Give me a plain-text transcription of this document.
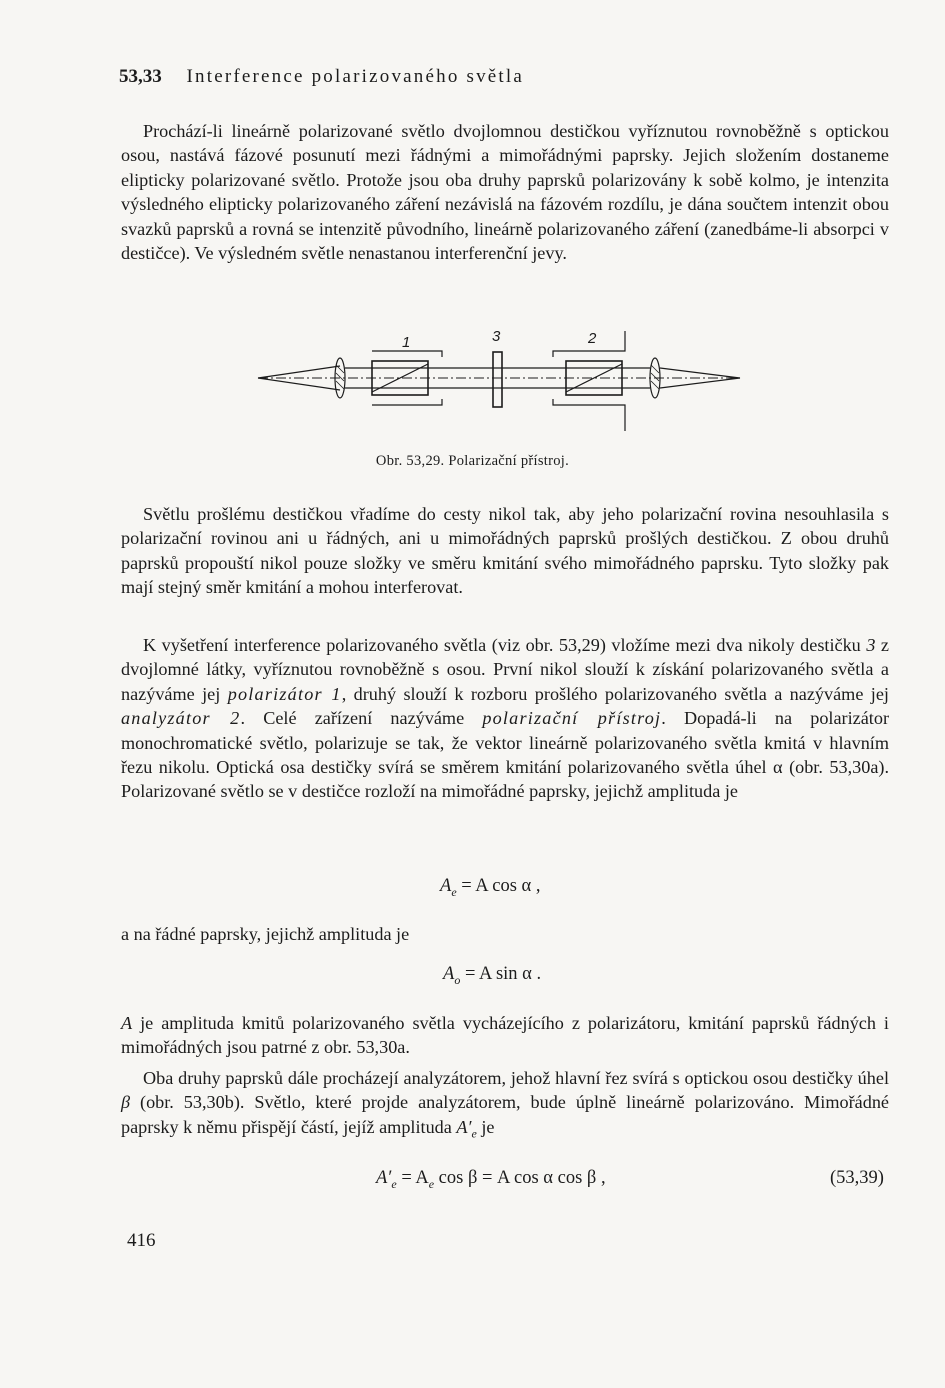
53,33 Interference polarizovaného světla
Prochází-li lineárně polarizované světlo dvojlomnou destičkou vyříznutou rovnoběžně s optickou osou, nastává fázové posunutí mezi řádnými a mimořádnými paprsky. Jejich složením dostaneme elipticky polarizované světlo. Protože jsou oba druhy paprsků polarizovány k sobě kolmo, je intenzita výsledného elipticky polarizovaného záření nezávislá na fázovém rozdílu, je dána součtem intenzit obou svazků paprsků a rovná se intenzitě původního, lineárně polarizovaného záření (zanedbáme-li absorpci v destičce). Ve výsledném světle nenastanou interferenční jevy.
1	3	2
Obr. 53,29. Polarizační přístroj.
Světlu prošlému destičkou vřadíme do cesty nikol tak, aby jeho polarizační rovina nesouhlasila s polarizační rovinou ani u řádných, ani u mimořádných paprsků prošlých destičkou. Z obou druhů paprsků propouští nikol pouze složky ve směru kmitání svého mimořádného paprsku. Tyto složky pak mají stejný směr kmitání a mohou interferovat.
K vyšetření interference polarizovaného světla (viz obr. 53,29) vložíme mezi dva nikoly destičku 3 z dvojlomné látky, vyříznutou rovnoběžně s osou. První nikol slouží k získání polarizovaného světla a nazýváme jej polarizátor 1, druhý slouží k rozboru prošlého polarizovaného světla a nazýváme jej analyzátor 2. Celé zařízení nazýváme polarizační přístroj. Dopadá-li na polarizátor monochromatické světlo, polarizuje se tak, že vektor lineárně polarizovaného světla kmitá v hlavním řezu nikolu. Optická osa destičky svírá se směrem kmitání polarizovaného světla úhel α (obr. 53,30a). Polarizované světlo se v destičce rozloží na mimořádné paprsky, jejichž amplituda je
$A_e = A$ cos α ,
a na řádné paprsky, jejichž amplituda je
$A_o = A$ sin α .
A je amplituda kmitů polarizovaného světla vycházejícího z polarizátoru, kmitání paprsků řádných i mimořádných jsou patrné z obr. 53,30a.
Oba druhy paprsků dále procházejí analyzátorem, jehož hlavní řez svírá s optickou osou destičky úhel β (obr. 53,30b). Světlo, které projde analyzátorem, bude úplně lineárně polarizováno. Mimořádné paprsky k němu přispějí částí, jejíž amplituda $A'_e$ je
$A'_e = A_e$ cos β = A cos α cos β ,	(53,39)
416
